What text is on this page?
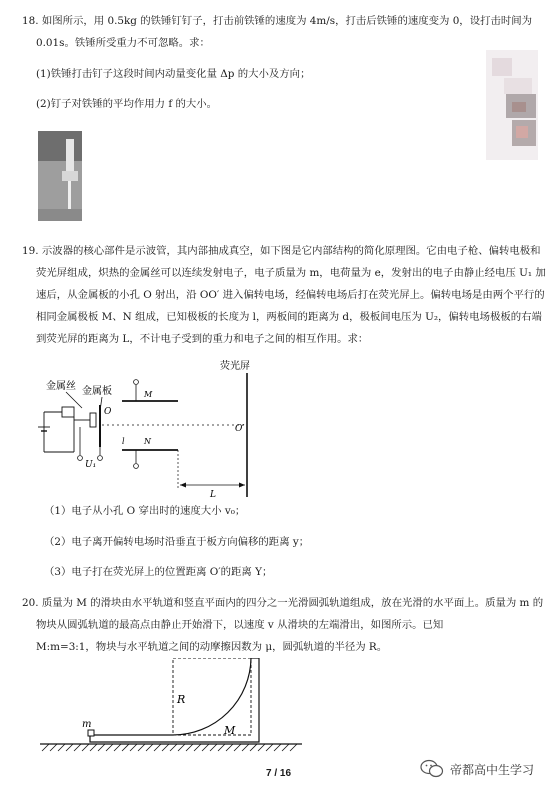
18. 如图所示，用 0.5kg 的铁锤钉钉子，打击前铁锤的速度为 4m/s，打击后铁锤的速度变为 0，设打击时间为
0.01s。铁锤所受重力不可忽略。求：
(1)铁锤打击钉子这段时间内动量变化量 Δp 的大小及方向；
(2)钉子对铁锤的平均作用力 f 的大小。
19. 示波器的核心部件是示波管，其内部抽成真空，如下图是它内部结构的简化原理图。它由电子枪、偏转电极和
荧光屏组成，炽热的金属丝可以连续发射电子，电子质量为 m，电荷量为 e，发射出的电子由静止经电压 U₁ 加
速后，从金属板的小孔 O 射出，沿 OO′ 进入偏转电场，经偏转电场后打在荧光屏上。偏转电场是由两个平行的
相同金属极板 M、N 组成，已知极板的长度为 l，两板间的距离为 d，极板间电压为 U₂，偏转电场极板的右端
到荧光屏的距离为 L，不计电子受到的重力和电子之间的相互作用。求：
荧光屏
金属丝 金属板
O
U₁
O′
M
N
l
L
（1）电子从小孔 O 穿出时的速度大小 v₀；
（2）电子离开偏转电场时沿垂直于板方向偏移的距离 y；
（3）电子打在荧光屏上的位置距离 O′的距离 Y；
20. 质量为 M 的滑块由水平轨道和竖直平面内的四分之一光滑圆弧轨道组成，放在光滑的水平面上。质量为 m 的
物块从圆弧轨道的最高点由静止开始滑下，以速度 v 从滑块的左端滑出，如图所示。已知
M:m=3:1，物块与水平轨道之间的动摩擦因数为 μ，圆弧轨道的半径为 R。
R
M
m
7 / 16	帝都高中生学习
